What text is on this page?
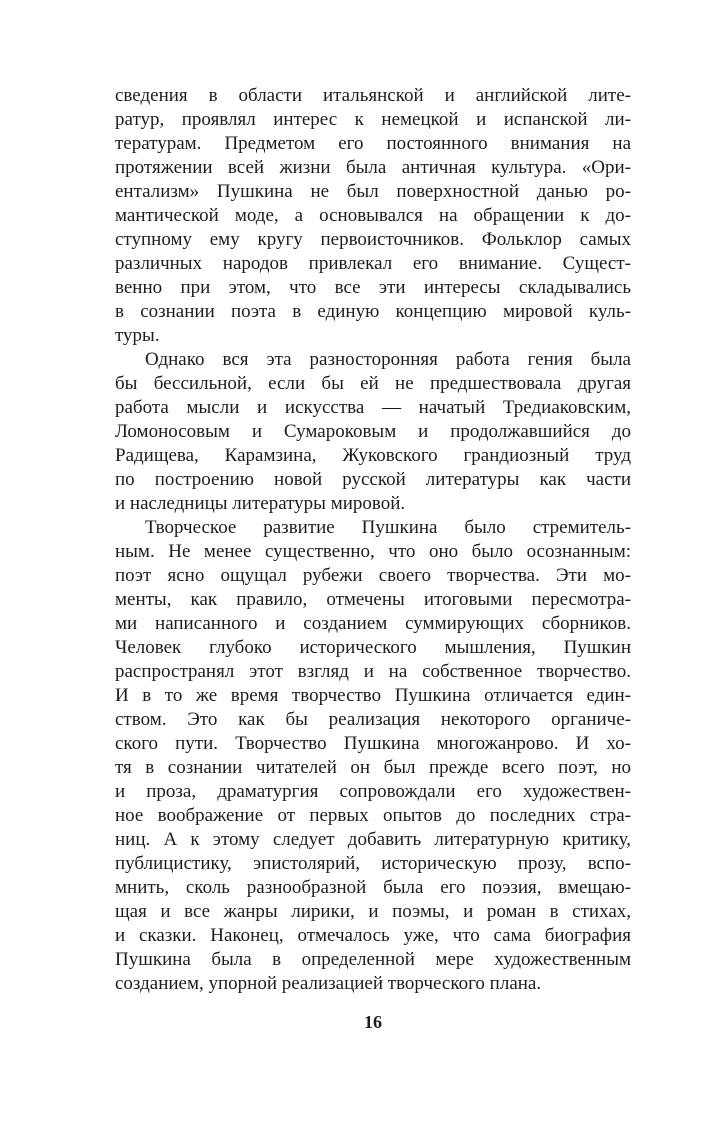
сведения в области итальянской и английской лите-
ратур, проявлял интерес к немецкой и испанской ли-
тературам. Предметом его постоянного внимания на
протяжении всей жизни была античная культура. «Ори-
ентализм» Пушкина не был поверхностной данью ро-
мантической моде, а основывался на обращении к до-
ступному ему кругу первоисточников. Фольклор самых
различных народов привлекал его внимание. Сущест-
венно при этом, что все эти интересы складывались
в сознании поэта в единую концепцию мировой куль-
туры.
Однако вся эта разносторонняя работа гения была
бы бессильной, если бы ей не предшествовала другая
работа мысли и искусства — начатый Тредиаковским,
Ломоносовым и Сумароковым и продолжавшийся до
Радищева, Карамзина, Жуковского грандиозный труд
по построению новой русской литературы как части
и наследницы литературы мировой.
Творческое развитие Пушкина было стремитель-
ным. Не менее существенно, что оно было осознанным:
поэт ясно ощущал рубежи своего творчества. Эти мо-
менты, как правило, отмечены итоговыми пересмотра-
ми написанного и созданием суммирующих сборников.
Человек глубоко исторического мышления, Пушкин
распространял этот взгляд и на собственное творчество.
И в то же время творчество Пушкина отличается един-
ством. Это как бы реализация некоторого органиче-
ского пути. Творчество Пушкина многожанрово. И хо-
тя в сознании читателей он был прежде всего поэт, но
и проза, драматургия сопровождали его художествен-
ное воображение от первых опытов до последних стра-
ниц. А к этому следует добавить литературную критику,
публицистику, эпистолярий, историческую прозу, вспо-
мнить, сколь разнообразной была его поэзия, вмещаю-
щая и все жанры лирики, и поэмы, и роман в стихах,
и сказки. Наконец, отмечалось уже, что сама биография
Пушкина была в определенной мере художественным
созданием, упорной реализацией творческого плана.
16
